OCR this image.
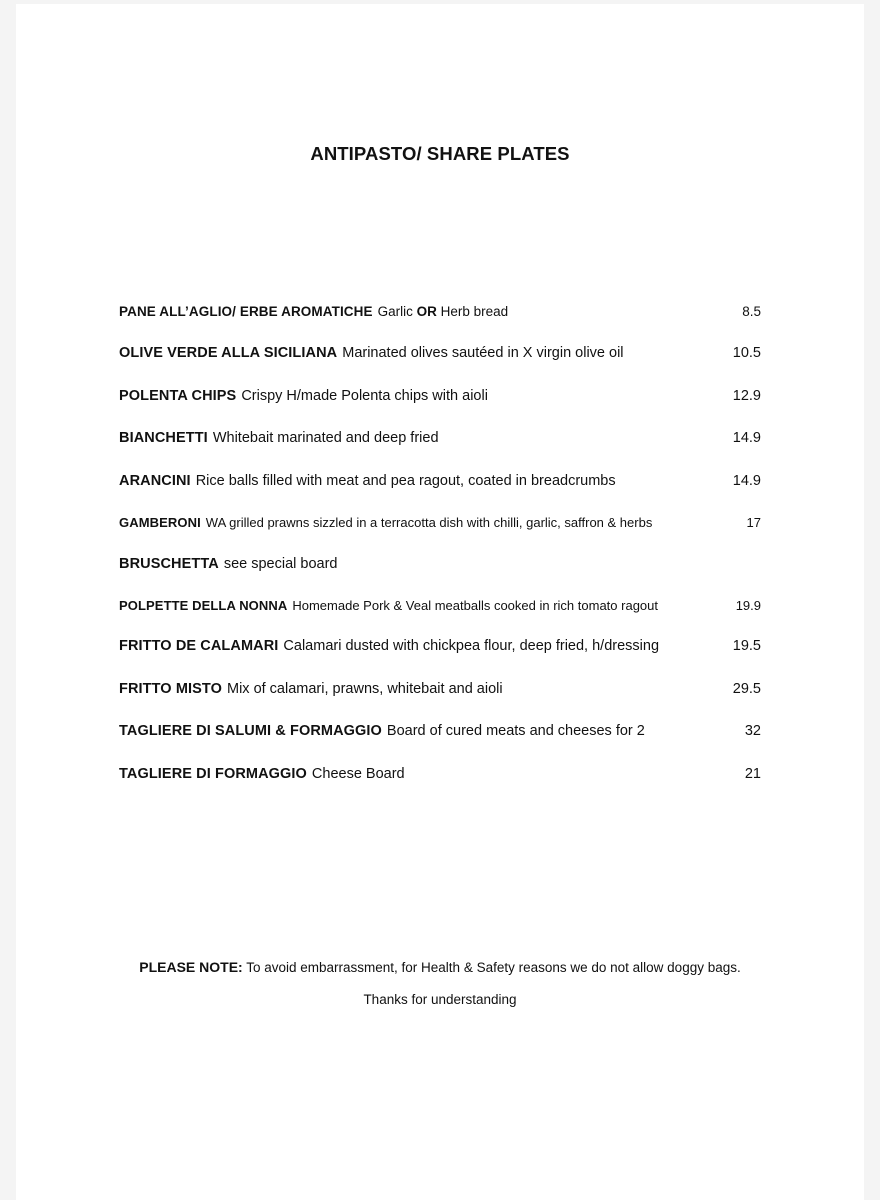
ANTIPASTO/ SHARE PLATES
PANE ALL’AGLIO/ ERBE AROMATICHE Garlic OR Herb bread	8.5
OLIVE VERDE ALLA SICILIANA Marinated olives sautéed in X virgin olive oil	10.5
POLENTA CHIPS Crispy H/made Polenta chips with aioli	12.9
BIANCHETTI Whitebait marinated and deep fried	14.9
ARANCINI Rice balls filled with meat and pea ragout, coated in breadcrumbs	14.9
GAMBERONI WA grilled prawns sizzled in a terracotta dish with chilli, garlic, saffron & herbs	17
BRUSCHETTA see special board
POLPETTE DELLA NONNA Homemade Pork & Veal meatballs cooked in rich tomato ragout	19.9
FRITTO DE CALAMARI Calamari dusted with chickpea flour, deep fried, h/dressing	19.5
FRITTO MISTO Mix of calamari, prawns, whitebait and aioli	29.5
TAGLIERE DI SALUMI & FORMAGGIO Board of cured meats and cheeses for 2	32
TAGLIERE DI FORMAGGIO Cheese Board	21
PLEASE NOTE: To avoid embarrassment, for Health & Safety reasons we do not allow doggy bags.
Thanks for understanding
